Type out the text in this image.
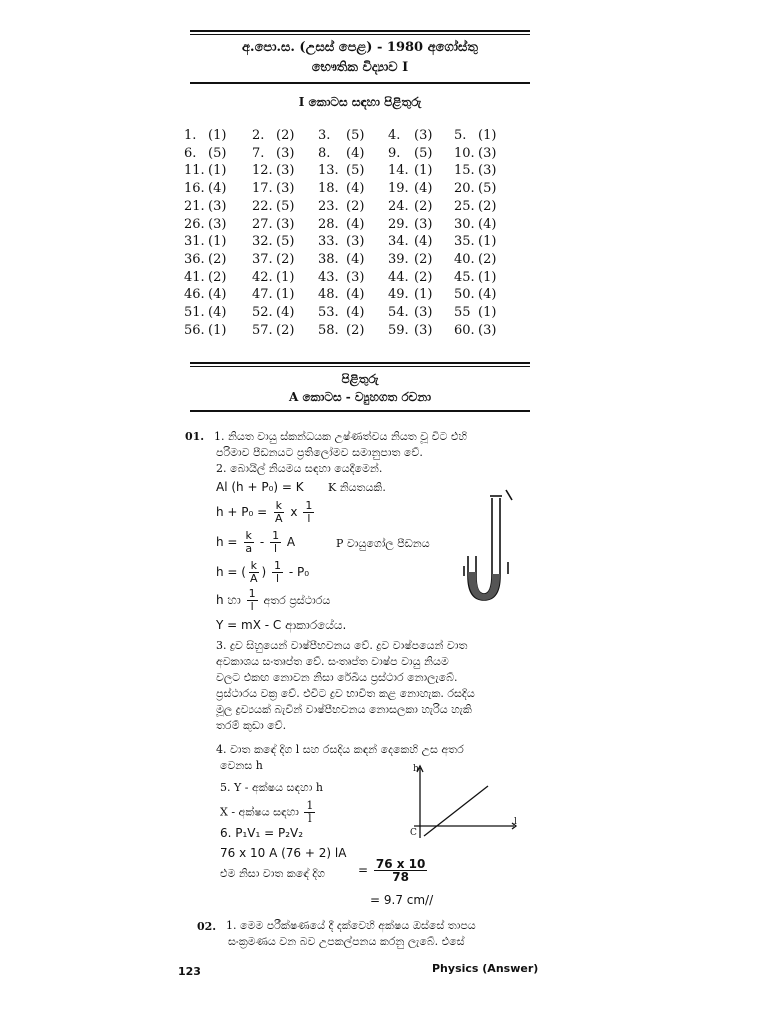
අ.පො.ස. (උසස් පෙළ) - 1980 අගෝස්තු
භෞතික විද්‍යාව I
I කොටස සඳහා පිළිතුරු
1. (1) 2. (2) 3. (5) 4. (3) 5. (1)
6. (5) 7. (3) 8. (4) 9. (5) 10. (3)
11. (1) 12. (3) 13. (5) 14. (1) 15. (3)
16. (4) 17. (3) 18. (4) 19. (4) 20. (5)
21. (3) 22. (5) 23. (2) 24. (2) 25. (2)
26. (3) 27. (3) 28. (4) 29. (3) 30. (4)
31. (1) 32. (5) 33. (3) 34. (4) 35. (1)
36. (2) 37. (2) 38. (4) 39. (2) 40. (2)
41. (2) 42. (1) 43. (3) 44. (2) 45. (1)
46. (4) 47. (1) 48. (4) 49. (1) 50. (4)
51. (4) 52. (4) 53. (4) 54. (3) 55 (1)
56. (1) 57. (2) 58. (2) 59. (3) 60. (3)
පිළිතුරු
A කොටස - ව්‍යුහගත රචනා
01. 1. නියත වායු ස්කන්ධයක උෂ්ණත්වය නියත වූ විට එහි
පරිමාව පීඩනයට ප්‍රතිලෝමව සමානුපාත වේ.
2. බොයිල් නියමය සඳහා යෙදීමෙන්.
Al (h + P₀) = K K නියතයකි.
$h + P_0 = \frac{k}{A}$ x $\frac{1}{l}$
$h = \frac{k}{a} - \frac{1}{l}$ A	P වායුගෝල පීඩනය
h = ( $\frac{k}{A}$ ) $\frac{1}{l} - P_0$
h හා $\frac{1}{l}$ අතර ප්‍රස්ථාරය
Y = mX - C ආකාරයේය.
3. ද්‍රව සිහුයෙන් වාෂ්පීභවනය වේ. ද්‍රව වාෂ්පයෙන් වාත
අවකාශය සංතෘප්ත වේ. සංතෘප්ත වාෂ්ප වායු නියම
වලට එකඟ නොවන නිසා රේඛීය ප්‍රස්ථාර නොලැබේ.
ප්‍රස්ථාරය වක්‍ර වේ. එවිට ද්‍රව භාවිත කළ නොහැක. රසදිය
මූල ද්‍රව්‍යයක් බැවින් වාෂ්පීභවනය නොසලකා හැරිය හැකි
තරම් කුඩා වේ.
4. වාත කඳේ දිග l සහ රසදිය කඳන් දෙකෙහි උස අතර
වෙනස h
5. Y - අක්ෂය සඳහා h
X - අක්ෂය සඳහා $\frac{1}{l}$
6. P₁V₁ = P₂V₂
76 x 10 A (76 + 2) lA
එම නිසා වාත කඳේ දිග	= $\frac{76 x 10}{78}$
= 9.7 cm//
h
l
C
02. 1. මෙම පරීක්ෂණයේ දී දක්වෙහි අක්ෂය ඔස්සේ තාපය
සංක්‍රමණය වන බව උපකල්පනය කරනු ලැබේ. එසේ
123	Physics (Answer)
